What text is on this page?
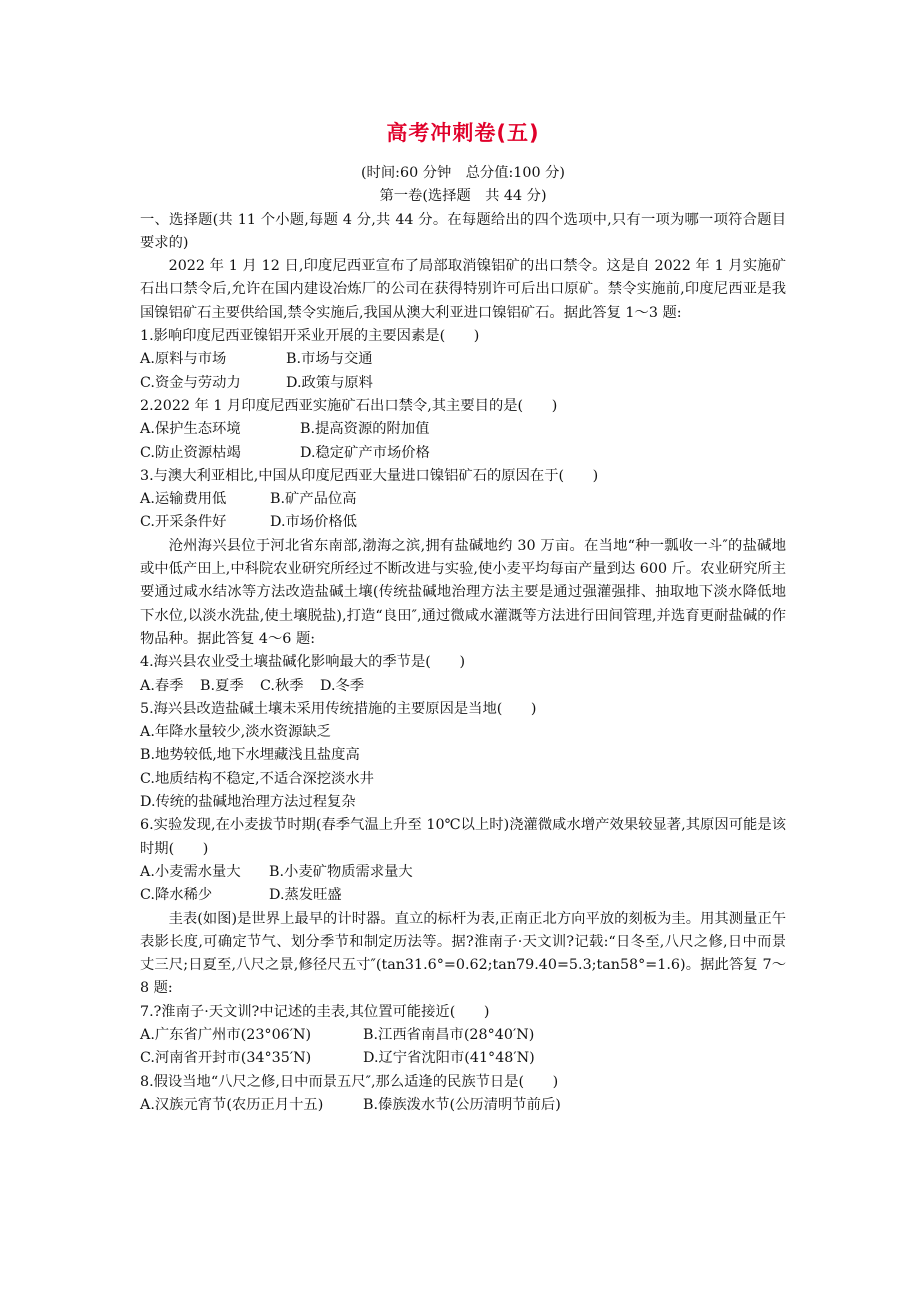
高考冲刺卷(五)
(时间:60 分钟　总分值:100 分)
第一卷(选择题　共 44 分)
一、选择题(共 11 个小题,每题 4 分,共 44 分。在每题给出的四个选项中,只有一项为哪一项符合题目要求的)
2022 年 1 月 12 日,印度尼西亚宣布了局部取消镍铝矿的出口禁令。这是自 2022 年 1 月实施矿石出口禁令后,允许在国内建设冶炼厂的公司在获得特别许可后出口原矿。禁令实施前,印度尼西亚是我国镍铝矿石主要供给国,禁令实施后,我国从澳大利亚进口镍铝矿石。据此答复 1～3 题:
1.影响印度尼西亚镍铝开采业开展的主要因素是(　　)
A.原料与市场	B.市场与交通
C.资金与劳动力	D.政策与原料
2.2022 年 1 月印度尼西亚实施矿石出口禁令,其主要目的是(　　)
A.保护生态环境	B.提高资源的附加值
C.防止资源枯竭	D.稳定矿产市场价格
3.与澳大利亚相比,中国从印度尼西亚大量进口镍铝矿石的原因在于(　　)
A.运输费用低	B.矿产品位高
C.开采条件好	D.市场价格低
沧州海兴县位于河北省东南部,渤海之滨,拥有盐碱地约 30 万亩。在当地“种一瓢收一斗″的盐碱地或中低产田上,中科院农业研究所经过不断改进与实验,使小麦平均每亩产量到达 600 斤。农业研究所主要通过咸水结冰等方法改造盐碱土壤(传统盐碱地治理方法主要是通过强灌强排、抽取地下淡水降低地下水位,以淡水洗盐,使土壤脱盐),打造“良田″,通过微咸水灌溉等方法进行田间管理,并选育更耐盐碱的作物品种。据此答复 4～6 题:
4.海兴县农业受土壤盐碱化影响最大的季节是(　　)
A.春季 B.夏季 C.秋季 D.冬季
5.海兴县改造盐碱土壤未采用传统措施的主要原因是当地(　　)
A.年降水量较少,淡水资源缺乏
B.地势较低,地下水埋藏浅且盐度高
C.地质结构不稳定,不适合深挖淡水井
D.传统的盐碱地治理方法过程复杂
6.实验发现,在小麦拔节时期(春季气温上升至 10℃以上时)浇灌微咸水增产效果较显著,其原因可能是该时期(　　)
A.小麦需水量大 B.小麦矿物质需求量大
C.降水稀少	D.蒸发旺盛
圭表(如图)是世界上最早的计时器。直立的标杆为表,正南正北方向平放的刻板为圭。用其测量正午表影长度,可确定节气、划分季节和制定历法等。据?淮南子·天文训?记载:“日冬至,八尺之修,日中而景丈三尺;日夏至,八尺之景,修径尺五寸″(tan31.6°=0.62;tan79.40=5.3;tan58°=1.6)。据此答复 7～8 题:
7.?淮南子·天文训?中记述的圭表,其位置可能接近(　　)
A.广东省广州市(23°06′N)	B.江西省南昌市(28°40′N)
C.河南省开封市(34°35′N)	D.辽宁省沈阳市(41°48′N)
8.假设当地“八尺之修,日中而景五尺″,那么适逢的民族节日是(　　)
A.汉族元宵节(农历正月十五)	B.傣族泼水节(公历清明节前后)
